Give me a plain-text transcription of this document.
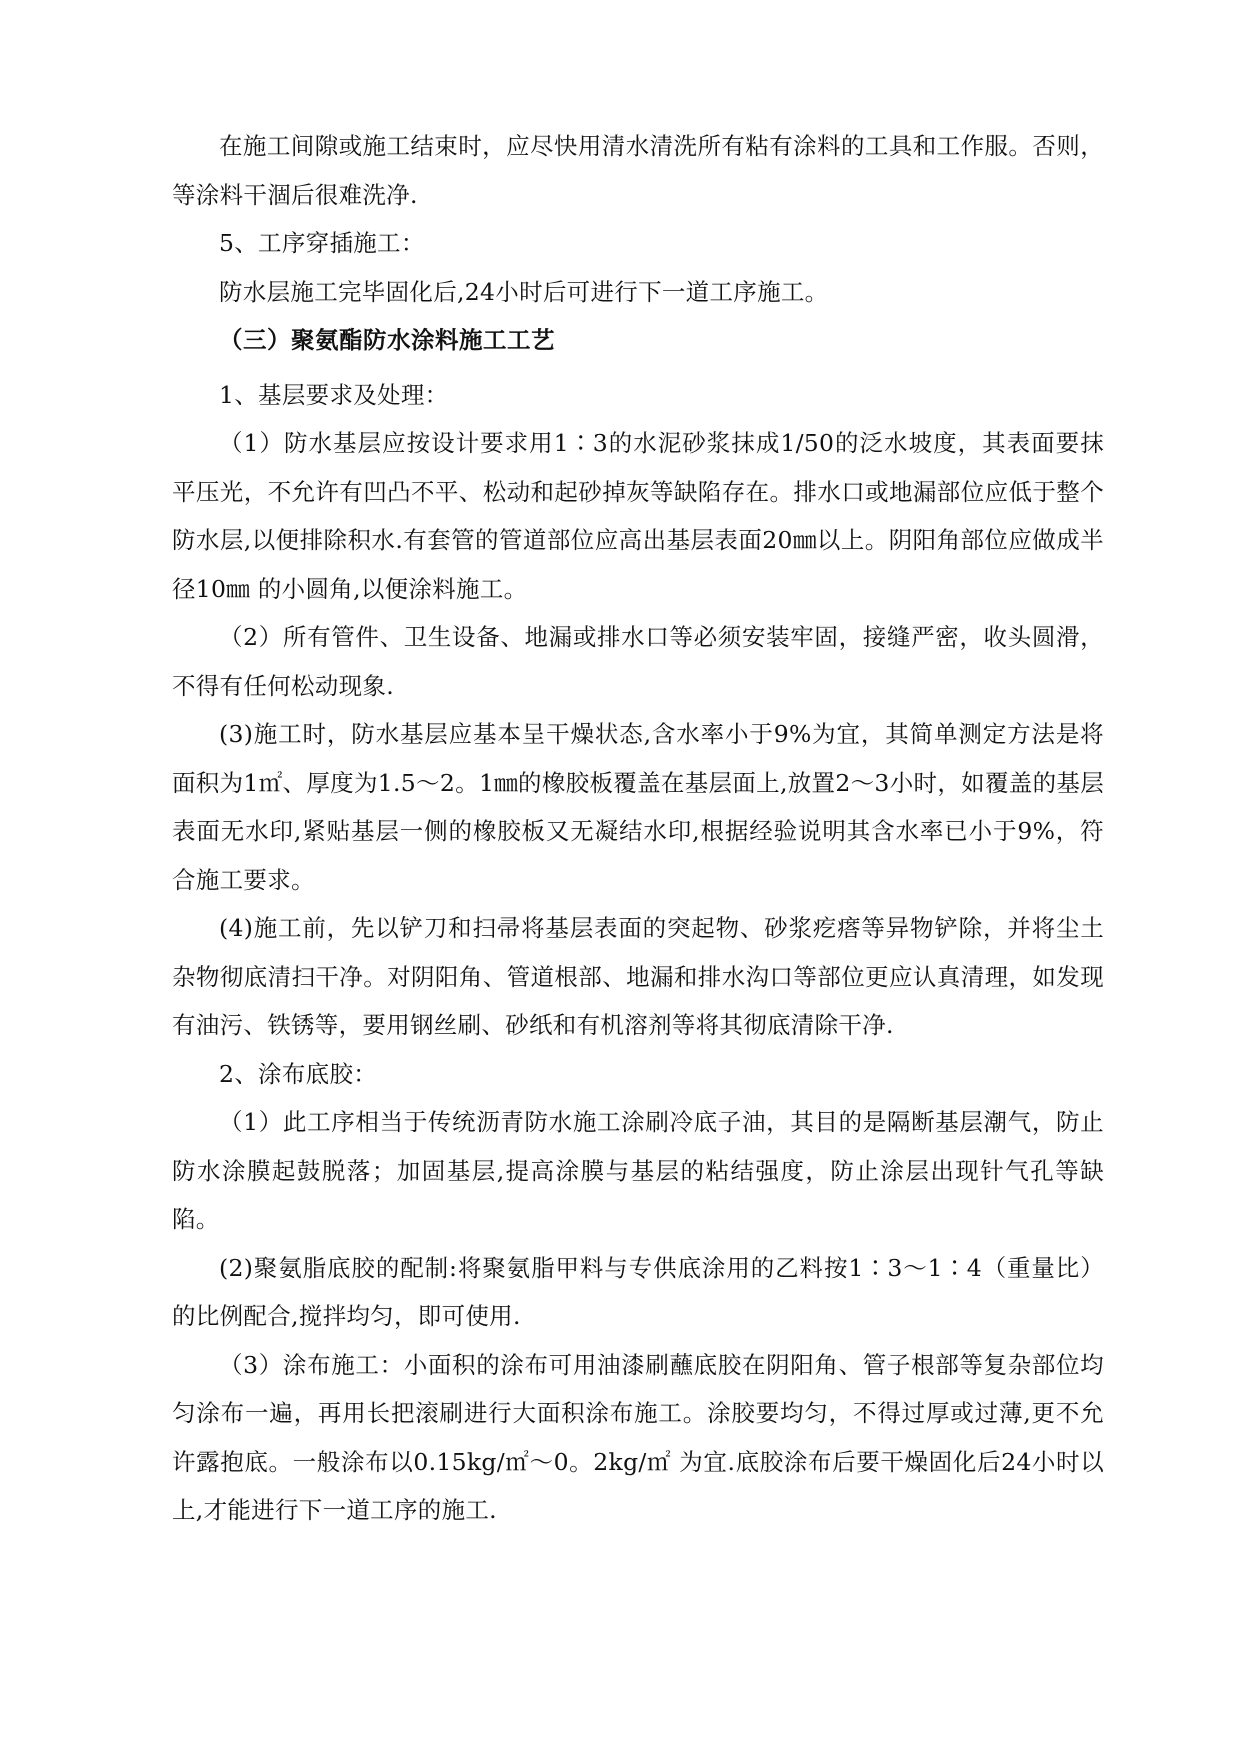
在施工间隙或施工结束时，应尽快用清水清洗所有粘有涂料的工具和工作服。否则，等涂料干涸后很难洗净.

5、工序穿插施工：

防水层施工完毕固化后,24小时后可进行下一道工序施工。

（三）聚氨酯防水涂料施工工艺

1、基层要求及处理：

（1）防水基层应按设计要求用1∶3的水泥砂浆抹成1/50的泛水坡度，其表面要抹平压光，不允许有凹凸不平、松动和起砂掉灰等缺陷存在。排水口或地漏部位应低于整个防水层,以便排除积水.有套管的管道部位应高出基层表面20㎜以上。阴阳角部位应做成半径10㎜ 的小圆角,以便涂料施工。

（2）所有管件、卫生设备、地漏或排水口等必须安装牢固，接缝严密，收头圆滑，不得有任何松动现象.

(3)施工时，防水基层应基本呈干燥状态,含水率小于9%为宜，其简单测定方法是将面积为1㎡、厚度为1.5～2。1㎜的橡胶板覆盖在基层面上,放置2～3小时，如覆盖的基层表面无水印,紧贴基层一侧的橡胶板又无凝结水印,根据经验说明其含水率已小于9%，符合施工要求。

(4)施工前，先以铲刀和扫帚将基层表面的突起物、砂浆疙瘩等异物铲除，并将尘土杂物彻底清扫干净。对阴阳角、管道根部、地漏和排水沟口等部位更应认真清理，如发现有油污、铁锈等，要用钢丝刷、砂纸和有机溶剂等将其彻底清除干净.

2、涂布底胶：

（1）此工序相当于传统沥青防水施工涂刷冷底子油，其目的是隔断基层潮气，防止防水涂膜起鼓脱落；加固基层,提高涂膜与基层的粘结强度，防止涂层出现针气孔等缺陷。

(2)聚氨脂底胶的配制:将聚氨脂甲料与专供底涂用的乙料按1∶3～1∶4（重量比）的比例配合,搅拌均匀，即可使用.

（3）涂布施工：小面积的涂布可用油漆刷蘸底胶在阴阳角、管子根部等复杂部位均匀涂布一遍，再用长把滚刷进行大面积涂布施工。涂胶要均匀，不得过厚或过薄,更不允许露抱底。一般涂布以0.15kg/㎡～0。2kg/㎡ 为宜.底胶涂布后要干燥固化后24小时以上,才能进行下一道工序的施工.
